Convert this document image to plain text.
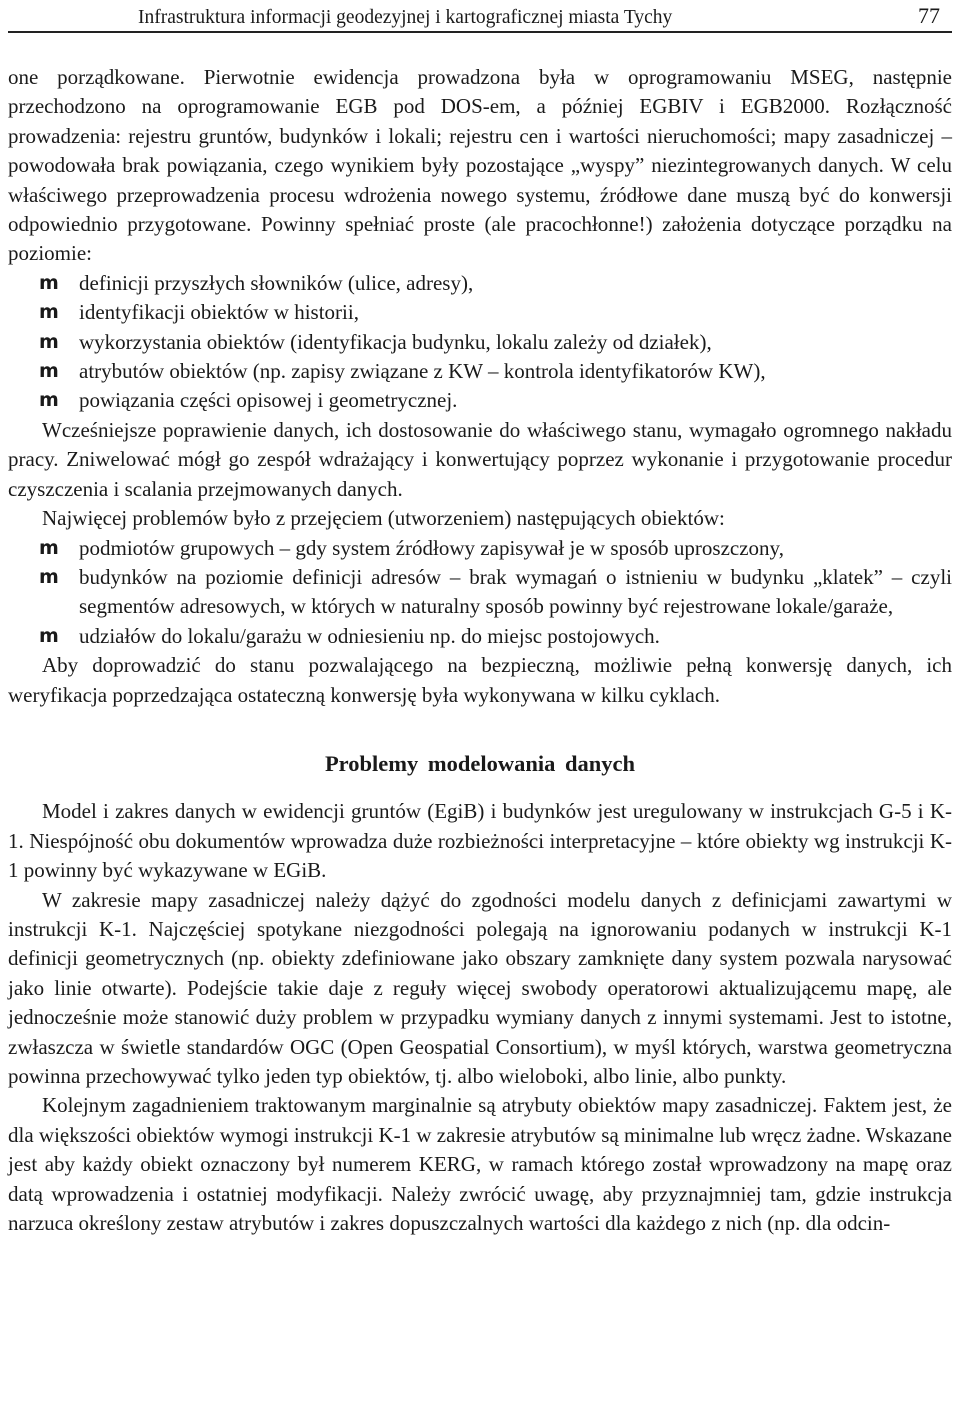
Infrastruktura informacji geodezyjnej i kartograficznej miasta Tychy	77

one porządkowane. Pierwotnie ewidencja prowadzona była w oprogramowaniu MSEG, następnie przechodzono na oprogramowanie EGB pod DOS-em, a później EGBIV i EGB2000. Rozłączność prowadzenia: rejestru gruntów, budynków i lokali; rejestru cen i wartości nieruchomości; mapy zasadniczej – powodowała brak powiązania, czego wynikiem były pozostające „wyspy” niezintegrowanych danych. W celu właściwego przeprowadzenia procesu wdrożenia nowego systemu, źródłowe dane muszą być do konwersji odpowiednio przygotowane. Powinny spełniać proste (ale pracochłonne!) założenia dotyczące porządku na poziomie:

m definicji przyszłych słowników (ulice, adresy),
m identyfikacji obiektów w historii,
m wykorzystania obiektów (identyfikacja budynku, lokalu zależy od działek),
m atrybutów obiektów (np. zapisy związane z KW – kontrola identyfikatorów KW),
m powiązania części opisowej i geometrycznej.

Wcześniejsze poprawienie danych, ich dostosowanie do właściwego stanu, wymagało ogromnego nakładu pracy. Zniwelować mógł go zespół wdrażający i konwertujący poprzez wykonanie i przygotowanie procedur czyszczenia i scalania przejmowanych danych.

Najwięcej problemów było z przejęciem (utworzeniem) następujących obiektów:

m podmiotów grupowych – gdy system źródłowy zapisywał je w sposób uproszczony,
m budynków na poziomie definicji adresów – brak wymagań o istnieniu w budynku „klatek” – czyli segmentów adresowych, w których w naturalny sposób powinny być rejestrowane lokale/garaże,
m udziałów do lokalu/garażu w odniesieniu np. do miejsc postojowych.

Aby doprowadzić do stanu pozwalającego na bezpieczną, możliwie pełną konwersję danych, ich weryfikacja poprzedzająca ostateczną konwersję była wykonywana w kilku cyklach.

Problemy modelowania danych

Model i zakres danych w ewidencji gruntów (EgiB) i budynków jest uregulowany w instrukcjach G-5 i K-1. Niespójność obu dokumentów wprowadza duże rozbieżności interpretacyjne – które obiekty wg instrukcji K-1 powinny być wykazywane w EGiB.

W zakresie mapy zasadniczej należy dążyć do zgodności modelu danych z definicjami zawartymi w instrukcji K-1. Najczęściej spotykane niezgodności polegają na ignorowaniu podanych w instrukcji K-1 definicji geometrycznych (np. obiekty zdefiniowane jako obszary zamknięte dany system pozwala narysować jako linie otwarte). Podejście takie daje z reguły więcej swobody operatorowi aktualizującemu mapę, ale jednocześnie może stanowić duży problem w przypadku wymiany danych z innymi systemami. Jest to istotne, zwłaszcza w świetle standardów OGC (Open Geospatial Consortium), w myśl których, warstwa geometryczna powinna przechowywać tylko jeden typ obiektów, tj. albo wieloboki, albo linie, albo punkty.

Kolejnym zagadnieniem traktowanym marginalnie są atrybuty obiektów mapy zasadniczej. Faktem jest, że dla większości obiektów wymogi instrukcji K-1 w zakresie atrybutów są minimalne lub wręcz żadne. Wskazane jest aby każdy obiekt oznaczony był numerem KERG, w ramach którego został wprowadzony na mapę oraz datą wprowadzenia i ostatniej modyfikacji. Należy zwrócić uwagę, aby przyznajmniej tam, gdzie instrukcja narzuca określony zestaw atrybutów i zakres dopuszczalnych wartości dla każdego z nich (np. dla odcin-
